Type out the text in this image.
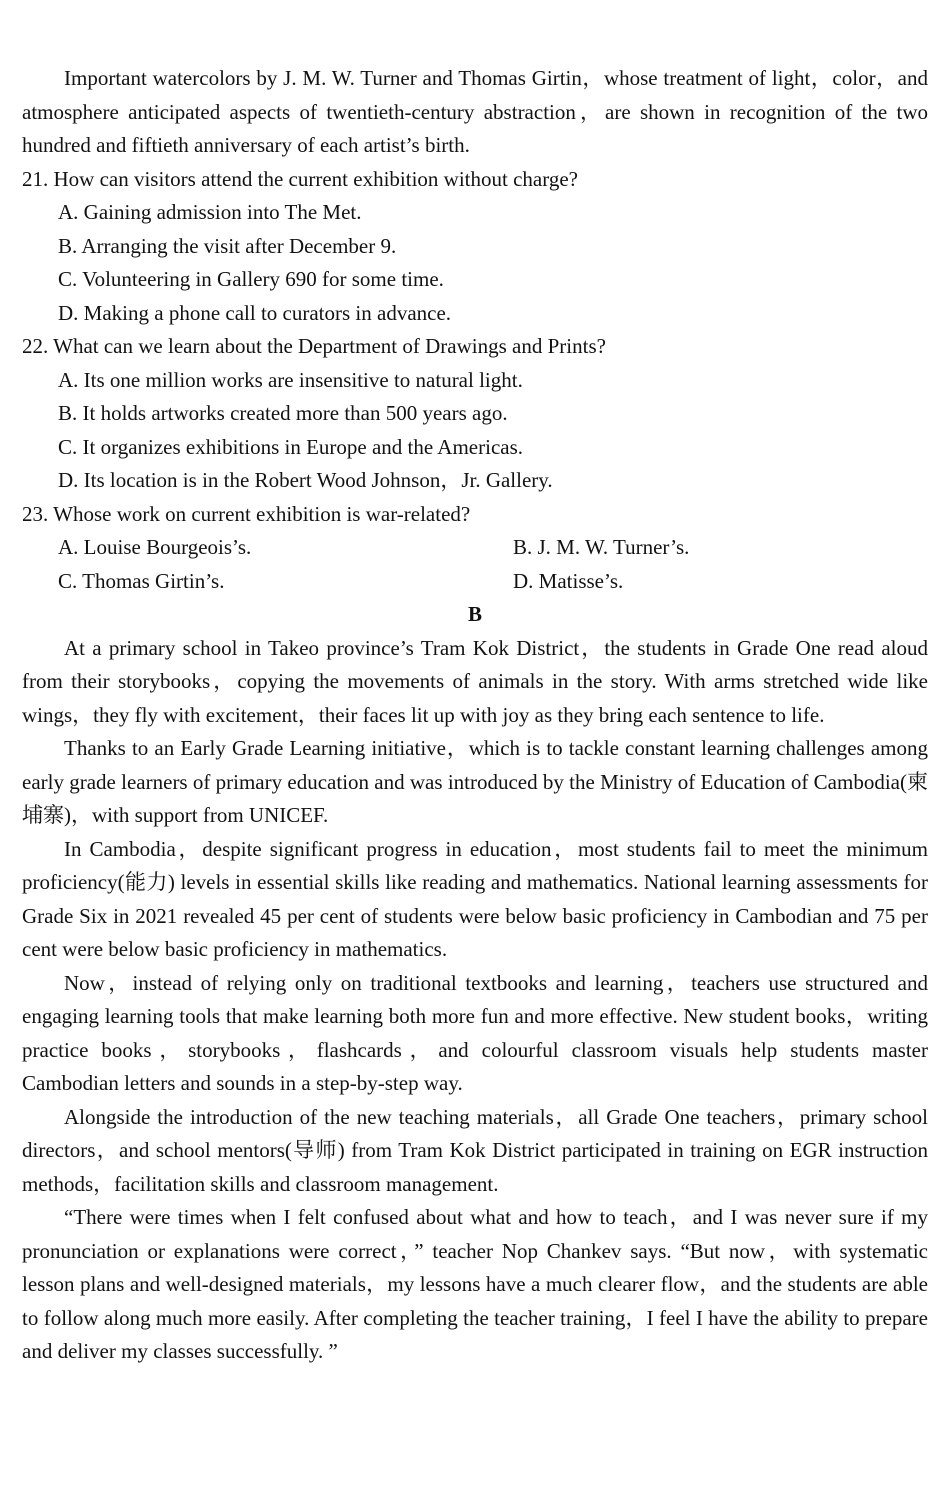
Important watercolors by J. M. W. Turner and Thomas Girtin，whose treatment of light，color，and atmosphere anticipated aspects of twentieth-century abstraction，are shown in recognition of the two hundred and fiftieth anniversary of each artist’s birth.

21. How can visitors attend the current exhibition without charge?

A. Gaining admission into The Met.

B. Arranging the visit after December 9.

C. Volunteering in Gallery 690 for some time.

D. Making a phone call to curators in advance.

22. What can we learn about the Department of Drawings and Prints?

A. Its one million works are insensitive to natural light.

B. It holds artworks created more than 500 years ago.

C. It organizes exhibitions in Europe and the Americas.

D. Its location is in the Robert Wood Johnson，Jr. Gallery.

23. Whose work on current exhibition is war-related?

A. Louise Bourgeois’s.	B. J. M. W. Turner’s.

C. Thomas Girtin’s.	D. Matisse’s.

B

At a primary school in Takeo province’s Tram Kok District，the students in Grade One read aloud from their storybooks，copying the movements of animals in the story. With arms stretched wide like wings，they fly with excitement，their faces lit up with joy as they bring each sentence to life.

Thanks to an Early Grade Learning initiative，which is to tackle constant learning challenges among early grade learners of primary education and was introduced by the Ministry of Education of Cambodia(柬埔寨)，with support from UNICEF.

In Cambodia，despite significant progress in education，most students fail to meet the minimum proficiency(能力) levels in essential skills like reading and mathematics. National learning assessments for Grade Six in 2021 revealed 45 per cent of students were below basic proficiency in Cambodian and 75 per cent were below basic proficiency in mathematics.

Now，instead of relying only on traditional textbooks and learning，teachers use structured and engaging learning tools that make learning both more fun and more effective. New student books，writing practice books，storybooks，flashcards，and colourful classroom visuals help students master Cambodian letters and sounds in a step-by-step way.

Alongside the introduction of the new teaching materials，all Grade One teachers，primary school directors，and school mentors(导师) from Tram Kok District participated in training on EGR instruction methods，facilitation skills and classroom management.

“There were times when I felt confused about what and how to teach，and I was never sure if my pronunciation or explanations were correct，” teacher Nop Chankev says. “But now，with systematic lesson plans and well-designed materials，my lessons have a much clearer flow，and the students are able to follow along much more easily. After completing the teacher training，I feel I have the ability to prepare and deliver my classes successfully. ”
